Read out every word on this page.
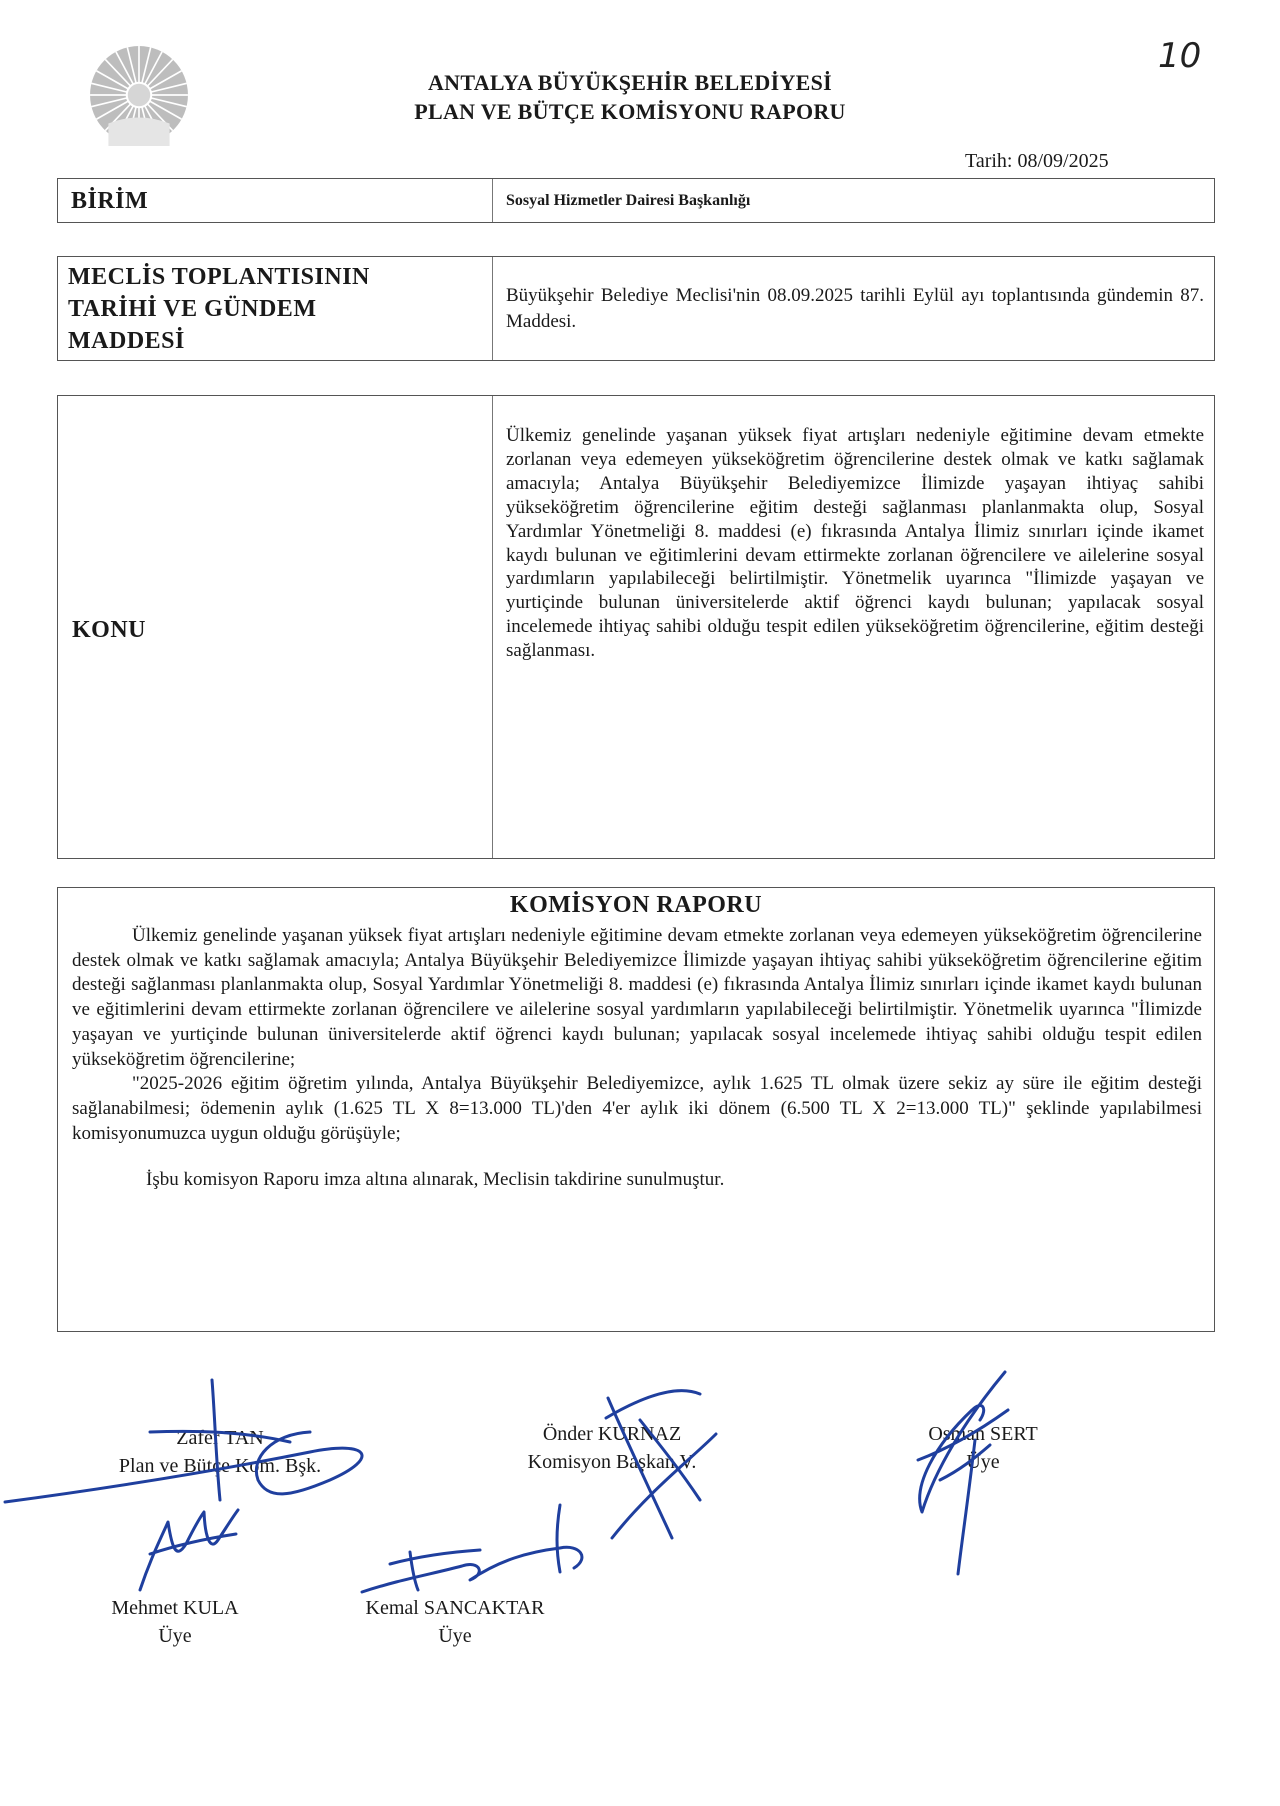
ANTALYA BÜYÜKŞEHİR BELEDİYESİ
PLAN VE BÜTÇE KOMİSYONU RAPORU
10
Tarih: 08/09/2025
BİRİM	Sosyal Hizmetler Dairesi Başkanlığı
MECLİS TOPLANTISININ
TARİHİ VE GÜNDEM
MADDESİ
Büyükşehir Belediye Meclisi'nin 08.09.2025 tarihli Eylül ayı toplantısında gündemin 87. Maddesi.
KONU
Ülkemiz genelinde yaşanan yüksek fiyat artışları nedeniyle eğitimine devam etmekte zorlanan veya edemeyen yükseköğretim öğrencilerine destek olmak ve katkı sağlamak amacıyla; Antalya Büyükşehir Belediyemizce İlimizde yaşayan ihtiyaç sahibi yükseköğretim öğrencilerine eğitim desteği sağlanması planlanmakta olup, Sosyal Yardımlar Yönetmeliği 8. maddesi (e) fıkrasında Antalya İlimiz sınırları içinde ikamet kaydı bulunan ve eğitimlerini devam ettirmekte zorlanan öğrencilere ve ailelerine sosyal yardımların yapılabileceği belirtilmiştir. Yönetmelik uyarınca "İlimizde yaşayan ve yurtiçinde bulunan üniversitelerde aktif öğrenci kaydı bulunan; yapılacak sosyal incelemede ihtiyaç sahibi olduğu tespit edilen yükseköğretim öğrencilerine, eğitim desteği sağlanması.
KOMİSYON RAPORU

Ülkemiz genelinde yaşanan yüksek fiyat artışları nedeniyle eğitimine devam etmekte zorlanan veya edemeyen yükseköğretim öğrencilerine destek olmak ve katkı sağlamak amacıyla; Antalya Büyükşehir Belediyemizce İlimizde yaşayan ihtiyaç sahibi yükseköğretim öğrencilerine eğitim desteği sağlanması planlanmakta olup, Sosyal Yardımlar Yönetmeliği 8. maddesi (e) fıkrasında Antalya İlimiz sınırları içinde ikamet kaydı bulunan ve eğitimlerini devam ettirmekte zorlanan öğrencilere ve ailelerine sosyal yardımların yapılabileceği belirtilmiştir. Yönetmelik uyarınca "İlimizde yaşayan ve yurtiçinde bulunan üniversitelerde aktif öğrenci kaydı bulunan; yapılacak sosyal incelemede ihtiyaç sahibi olduğu tespit edilen yükseköğretim öğrencilerine;

"2025-2026 eğitim öğretim yılında, Antalya Büyükşehir Belediyemizce, aylık 1.625 TL olmak üzere sekiz ay süre ile eğitim desteği sağlanabilmesi; ödemenin aylık (1.625 TL X 8=13.000 TL)'den 4'er aylık iki dönem (6.500 TL X 2=13.000 TL)" şeklinde yapılabilmesi komisyonumuzca uygun olduğu görüşüyle;

İşbu komisyon Raporu imza altına alınarak, Meclisin takdirine sunulmuştur.

Zafer TAN
Plan ve Bütçe Kom. Bşk.
Önder KURNAZ
Komisyon Başkan V.
Osman SERT
Üye
Mehmet KULA
Üye
Kemal SANCAKTAR
Üye
